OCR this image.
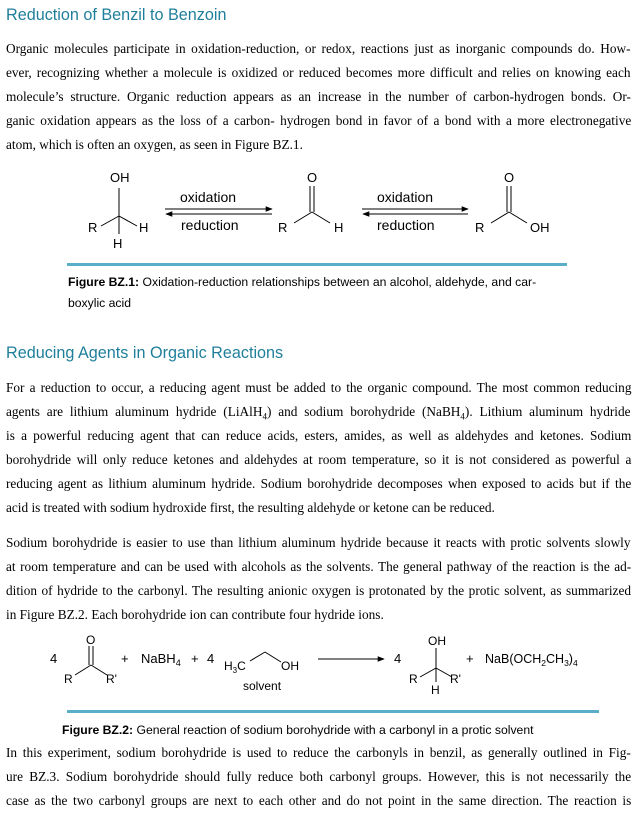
Reduction of Benzil to Benzoin
Organic molecules participate in oxidation-reduction, or redox, reactions just as inorganic compounds do. How-
ever, recognizing whether a molecule is oxidized or reduced becomes more difficult and relies on knowing each
molecule’s structure. Organic reduction appears as an increase in the number of carbon-hydrogen bonds. Or-
ganic oxidation appears as the loss of a carbon- hydrogen bond in favor of a bond with a more electronegative
atom, which is often an oxygen, as seen in Figure BZ.1.
OH
R	H
H
oxidation
reduction
O
R	H
oxidation
reduction
O
R	OH
Figure BZ.1: Oxidation-reduction relationships between an alcohol, aldehyde, and car-
boxylic acid
Reducing Agents in Organic Reactions
For a reduction to occur, a reducing agent must be added to the organic compound. The most common reducing
agents are lithium aluminum hydride (LiAlH$_4$) and sodium borohydride (NaBH$_4$). Lithium aluminum hydride
is a powerful reducing agent that can reduce acids, esters, amides, as well as aldehydes and ketones. Sodium
borohydride will only reduce ketones and aldehydes at room temperature, so it is not considered as powerful a
reducing agent as lithium aluminum hydride. Sodium borohydride decomposes when exposed to acids but if the
acid is treated with sodium hydroxide first, the resulting aldehyde or ketone can be reduced.
Sodium borohydride is easier to use than lithium aluminum hydride because it reacts with protic solvents slowly
at room temperature and can be used with alcohols as the solvents. The general pathway of the reaction is the ad-
dition of hydride to the carbonyl. The resulting anionic oxygen is protonated by the protic solvent, as summarized
in Figure BZ.2. Each borohydride ion can contribute four hydride ions.
4
O
R	R'
+ NaBH$_4$ + 4 $H_3C$	OH
solvent
4
OH
R	R'
H
+ $NaB(OCH_2CH_3)_4$
Figure BZ.2: General reaction of sodium borohydride with a carbonyl in a protic solvent
In this experiment, sodium borohydride is used to reduce the carbonyls in benzil, as generally outlined in Fig-
ure BZ.3. Sodium borohydride should fully reduce both carbonyl groups. However, this is not necessarily the
case as the two carbonyl groups are next to each other and do not point in the same direction. The reaction is
